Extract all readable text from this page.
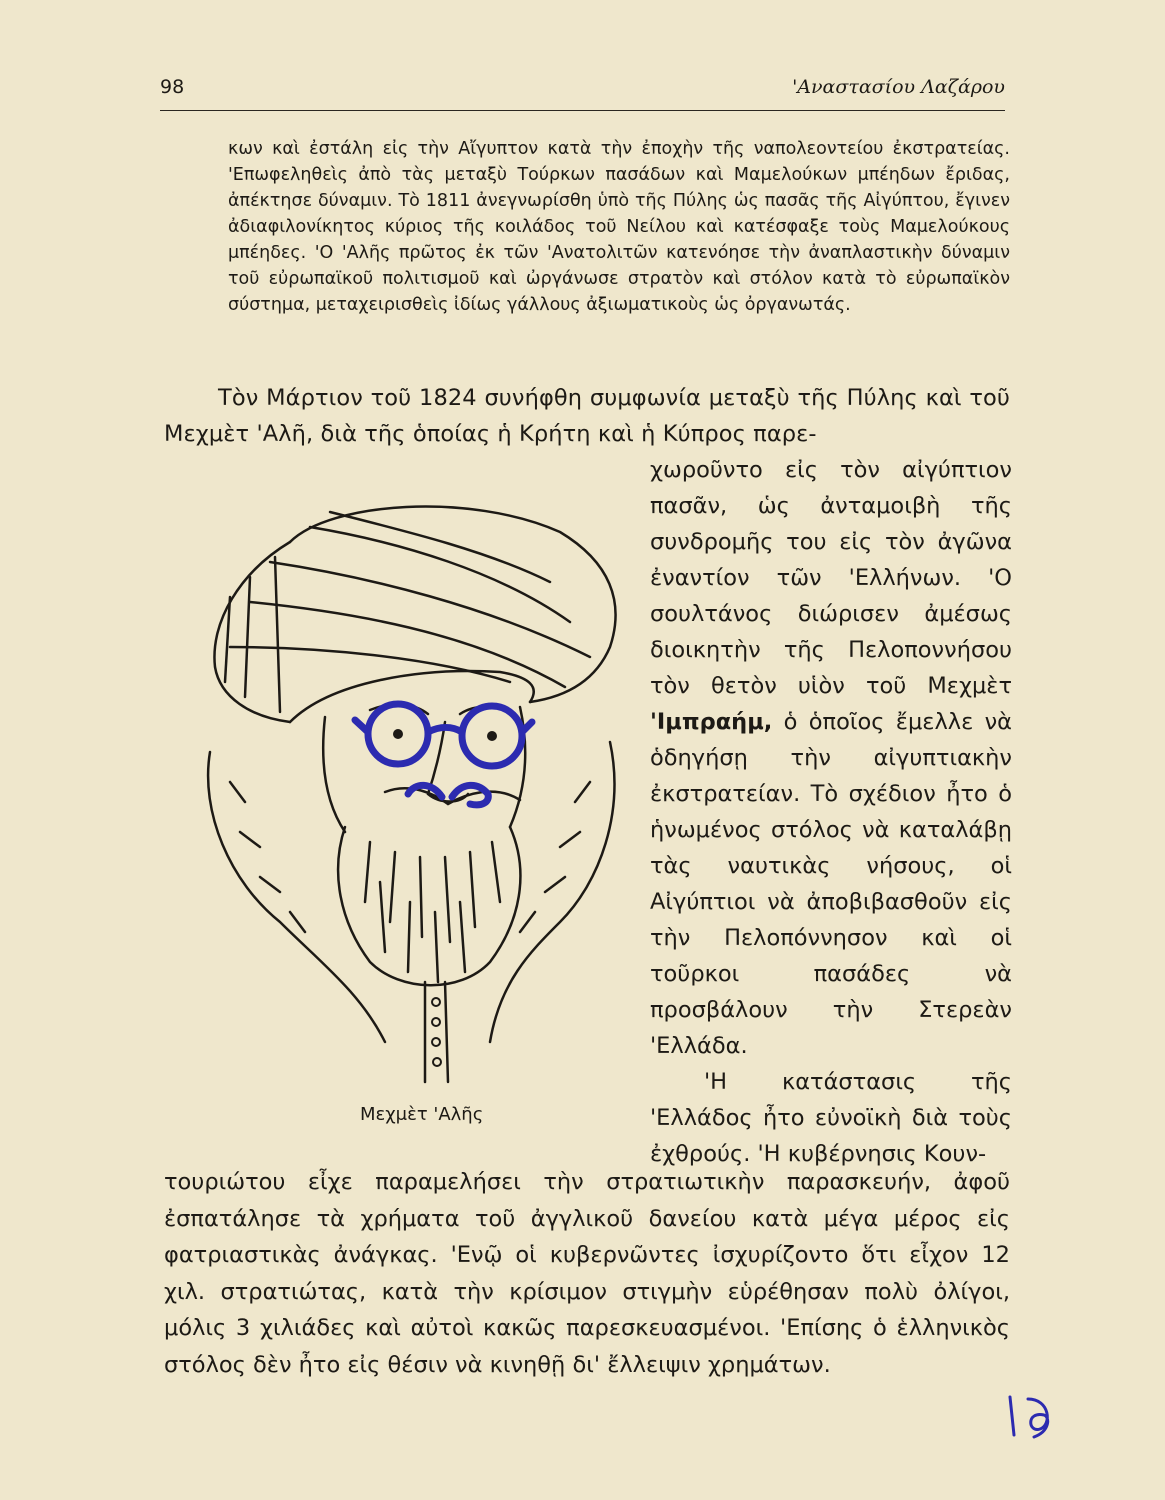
98	'Αναστασίου Λαζάρου

κων καὶ ἐστάλη εἰς τὴν Αἴγυπτον κατὰ τὴν ἐποχὴν τῆς ναπολεοντείου ἐκστρατείας. 'Επωφεληθεὶς ἀπὸ τὰς μεταξὺ Τούρκων πασάδων καὶ Μαμελούκων μπέηδων ἔριδας, ἀπέκτησε δύναμιν. Τὸ 1811 ἀνεγνωρίσθη ὑπὸ τῆς Πύλης ὡς πασᾶς τῆς Αἰγύπτου, ἔγινεν ἀδιαφιλονίκητος κύριος τῆς κοιλάδος τοῦ Νείλου καὶ κατέσφαξε τοὺς Μαμελούκους μπέηδες. 'Ο 'Αλῆς πρῶτος ἐκ τῶν 'Ανατολιτῶν κατενόησε τὴν ἀναπλαστικὴν δύναμιν τοῦ εὐρωπαϊκοῦ πολιτισμοῦ καὶ ὠργάνωσε στρατὸν καὶ στόλον κατὰ τὸ εὐρωπαϊκὸν σύστημα, μεταχειρισθεὶς ἰδίως γάλλους ἀξιωματικοὺς ὡς ὀργανωτάς.

Τὸν Μάρτιον τοῦ 1824 συνήφθη συμφωνία μεταξὺ τῆς Πύλης καὶ τοῦ Μεχμὲτ 'Αλῆ, διὰ τῆς ὁποίας ἡ Κρήτη καὶ ἡ Κύπρος παρε-

χωροῦντο εἰς τὸν αἰγύπτιον πασᾶν, ὡς ἀνταμοιβὴ τῆς συνδρομῆς του εἰς τὸν ἀγῶνα ἐναντίον τῶν 'Ελλήνων. 'Ο σουλτάνος διώρισεν ἀμέσως διοικητὴν τῆς Πελοποννήσου τὸν θετὸν υἱὸν τοῦ Μεχμὲτ 'Ιμπραήμ, ὁ ὁποῖος ἔμελλε νὰ ὁδηγήσῃ τὴν αἰγυπτιακὴν ἐκστρατείαν. Τὸ σχέδιον ἦτο ὁ ἡνωμένος στόλος νὰ καταλάβῃ τὰς ναυτικὰς νήσους, οἱ Αἰγύπτιοι νὰ ἀποβιβασθοῦν εἰς τὴν Πελοπόννησον καὶ οἱ τοῦρκοι πασάδες νὰ προσβάλουν τὴν Στερεὰν 'Ελλάδα.

'Η κατάστασις τῆς 'Ελλάδος ἦτο εὐνοϊκὴ διὰ τοὺς ἐχθρούς. 'Η κυβέρνησις Κουν-

Μεχμὲτ 'Αλῆς

τουριώτου εἶχε παραμελήσει τὴν στρατιωτικὴν παρασκευήν, ἀφοῦ ἐσπατάλησε τὰ χρήματα τοῦ ἀγγλικοῦ δανείου κατὰ μέγα μέρος εἰς φατριαστικὰς ἀνάγκας. 'Ενῷ οἱ κυβερνῶντες ἰσχυρίζοντο ὅτι εἶχον 12 χιλ. στρατιώτας, κατὰ τὴν κρίσιμον στιγμὴν εὑρέθησαν πολὺ ὀλίγοι, μόλις 3 χιλιάδες καὶ αὐτοὶ κακῶς παρεσκευασμένοι. 'Επίσης ὁ ἑλληνικὸς στόλος δὲν ἦτο εἰς θέσιν νὰ κινηθῇ δι' ἔλλειψιν χρημάτων.

19
